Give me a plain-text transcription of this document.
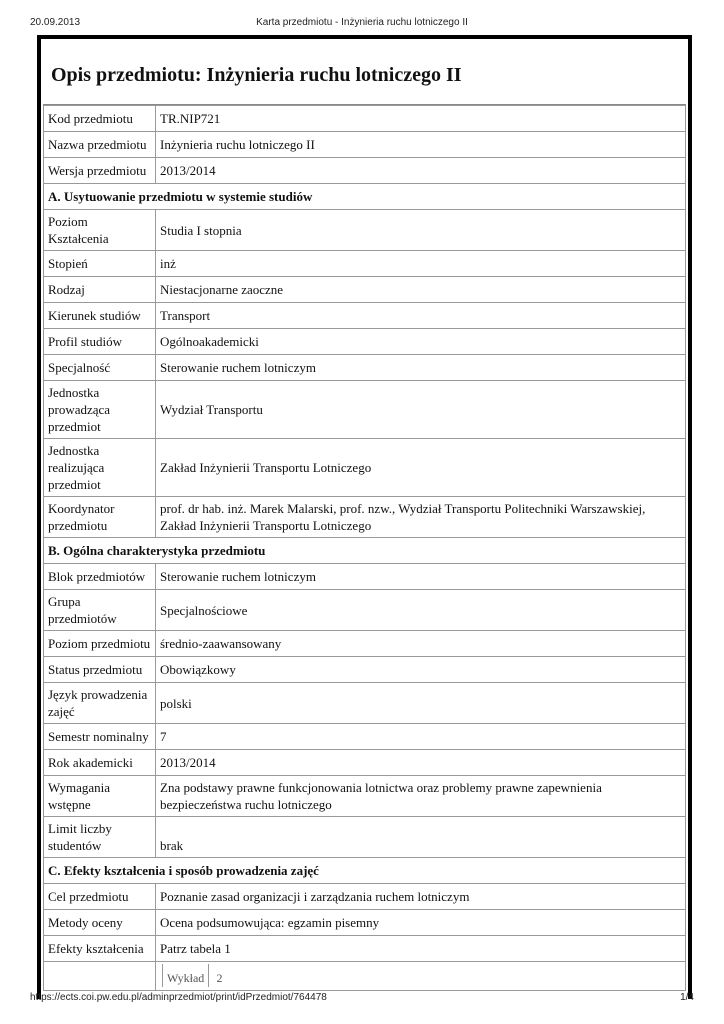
20.09.2013	Karta przedmiotu - Inżynieria ruchu lotniczego II
Opis przedmiotu: Inżynieria ruchu lotniczego II
Kod przedmiotu	TR.NIP721
Nazwa przedmiotu	Inżynieria ruchu lotniczego II
Wersja przedmiotu	2013/2014
A. Usytuowanie przedmiotu w systemie studiów	
Poziom Kształcenia	Studia I stopnia
Stopień	inż
Rodzaj	Niestacjonarne zaoczne
Kierunek studiów	Transport
Profil studiów	Ogólnoakademicki
Specjalność	Sterowanie ruchem lotniczym
Jednostka prowadząca przedmiot	Wydział Transportu
Jednostka realizująca przedmiot	Zakład Inżynierii Transportu Lotniczego
Koordynator przedmiotu	prof. dr hab. inż. Marek Malarski, prof. nzw., Wydział Transportu Politechniki Warszawskiej, Zakład Inżynierii Transportu Lotniczego
B. Ogólna charakterystyka przedmiotu	
Blok przedmiotów	Sterowanie ruchem lotniczym
Grupa przedmiotów	Specjalnościowe
Poziom przedmiotu	średnio-zaawansowany
Status przedmiotu	Obowiązkowy
Język prowadzenia zajęć	polski
Semestr nominalny	7
Rok akademicki	2013/2014
Wymagania wstępne	Zna podstawy prawne funkcjonowania lotnictwa oraz problemy prawne zapewnienia bezpieczeństwa ruchu lotniczego
Limit liczby studentów	brak
C. Efekty kształcenia i sposób prowadzenia zajęć	
Cel przedmiotu	Poznanie zasad organizacji i zarządzania ruchem lotniczym
Metody oceny	Ocena podsumowująca: egzamin pisemny
Efekty kształcenia	Patrz tabela 1
	Wykład 2
https://ects.coi.pw.edu.pl/adminprzedmiot/print/idPrzedmiot/764478	1/4
